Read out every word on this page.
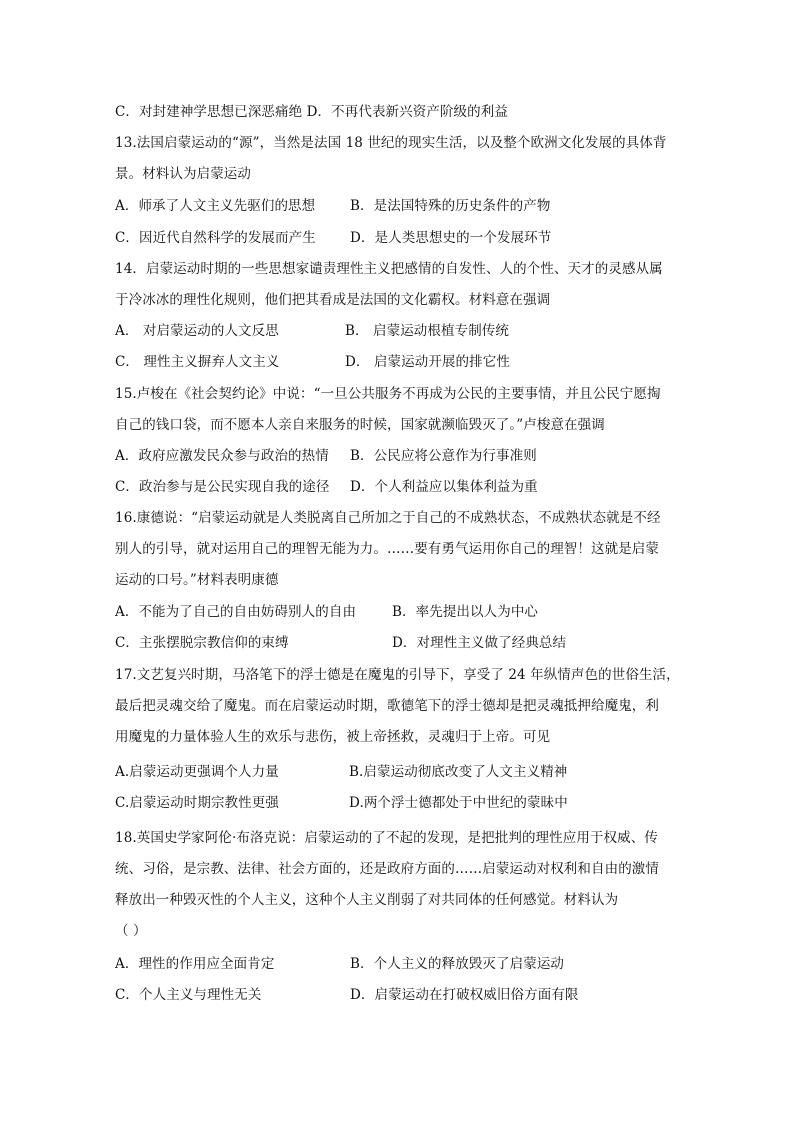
C．对封建神学思想已深恶痛绝 D．不再代表新兴资产阶级的利益
13.法国启蒙运动的“源”，当然是法国 18 世纪的现实生活，以及整个欧洲文化发展的具体背
景。材料认为启蒙运动
A．师承了人文主义先驱们的思想	B．是法国特殊的历史条件的产物
C．因近代自然科学的发展而产生	D．是人类思想史的一个发展环节
14．启蒙运动时期的一些思想家谴责理性主义把感情的自发性、人的个性、天才的灵感从属
于冷冰冰的理性化规则，他们把其看成是法国的文化霸权。材料意在强调
A． 对启蒙运动的人文反思	B． 启蒙运动根植专制传统
C． 理性主义摒弃人文主义	D． 启蒙运动开展的排它性
15.卢梭在《社会契约论》中说：“一旦公共服务不再成为公民的主要事情，并且公民宁愿掏
自己的钱口袋，而不愿本人亲自来服务的时候，国家就濒临毁灭了。”卢梭意在强调
A．政府应激发民众参与政治的热情 B．公民应将公意作为行事准则
C．政治参与是公民实现自我的途径 D．个人利益应以集体利益为重
16.康德说：“启蒙运动就是人类脱离自己所加之于自己的不成熟状态，不成熟状态就是不经
别人的引导，就对运用自己的理智无能为力。……要有勇气运用你自己的理智！这就是启蒙
运动的口号。”材料表明康德
A．不能为了自己的自由妨碍别人的自由	B．率先提出以人为中心
C．主张摆脱宗教信仰的束缚	D．对理性主义做了经典总结
17.文艺复兴时期，马洛笔下的浮士德是在魔鬼的引导下，享受了 24 年纵情声色的世俗生活，
最后把灵魂交给了魔鬼。而在启蒙运动时期，歌德笔下的浮士德却是把灵魂抵押给魔鬼，利
用魔鬼的力量体验人生的欢乐与悲伤，被上帝拯救，灵魂归于上帝。可见
A.启蒙运动更强调个人力量	B.启蒙运动彻底改变了人文主义精神
C.启蒙运动时期宗教性更强	D.两个浮士德都处于中世纪的蒙昧中
18.英国史学家阿伦·布洛克说：启蒙运动的了不起的发现，是把批判的理性应用于权威、传
统、习俗，是宗教、法律、社会方面的，还是政府方面的……启蒙运动对权利和自由的激情
释放出一种毁灭性的个人主义，这种个人主义削弱了对共同体的任何感觉。材料认为
（ ）
A．理性的作用应全面肯定	B．个人主义的释放毁灭了启蒙运动
C．个人主义与理性无关	D．启蒙运动在打破权威旧俗方面有限
